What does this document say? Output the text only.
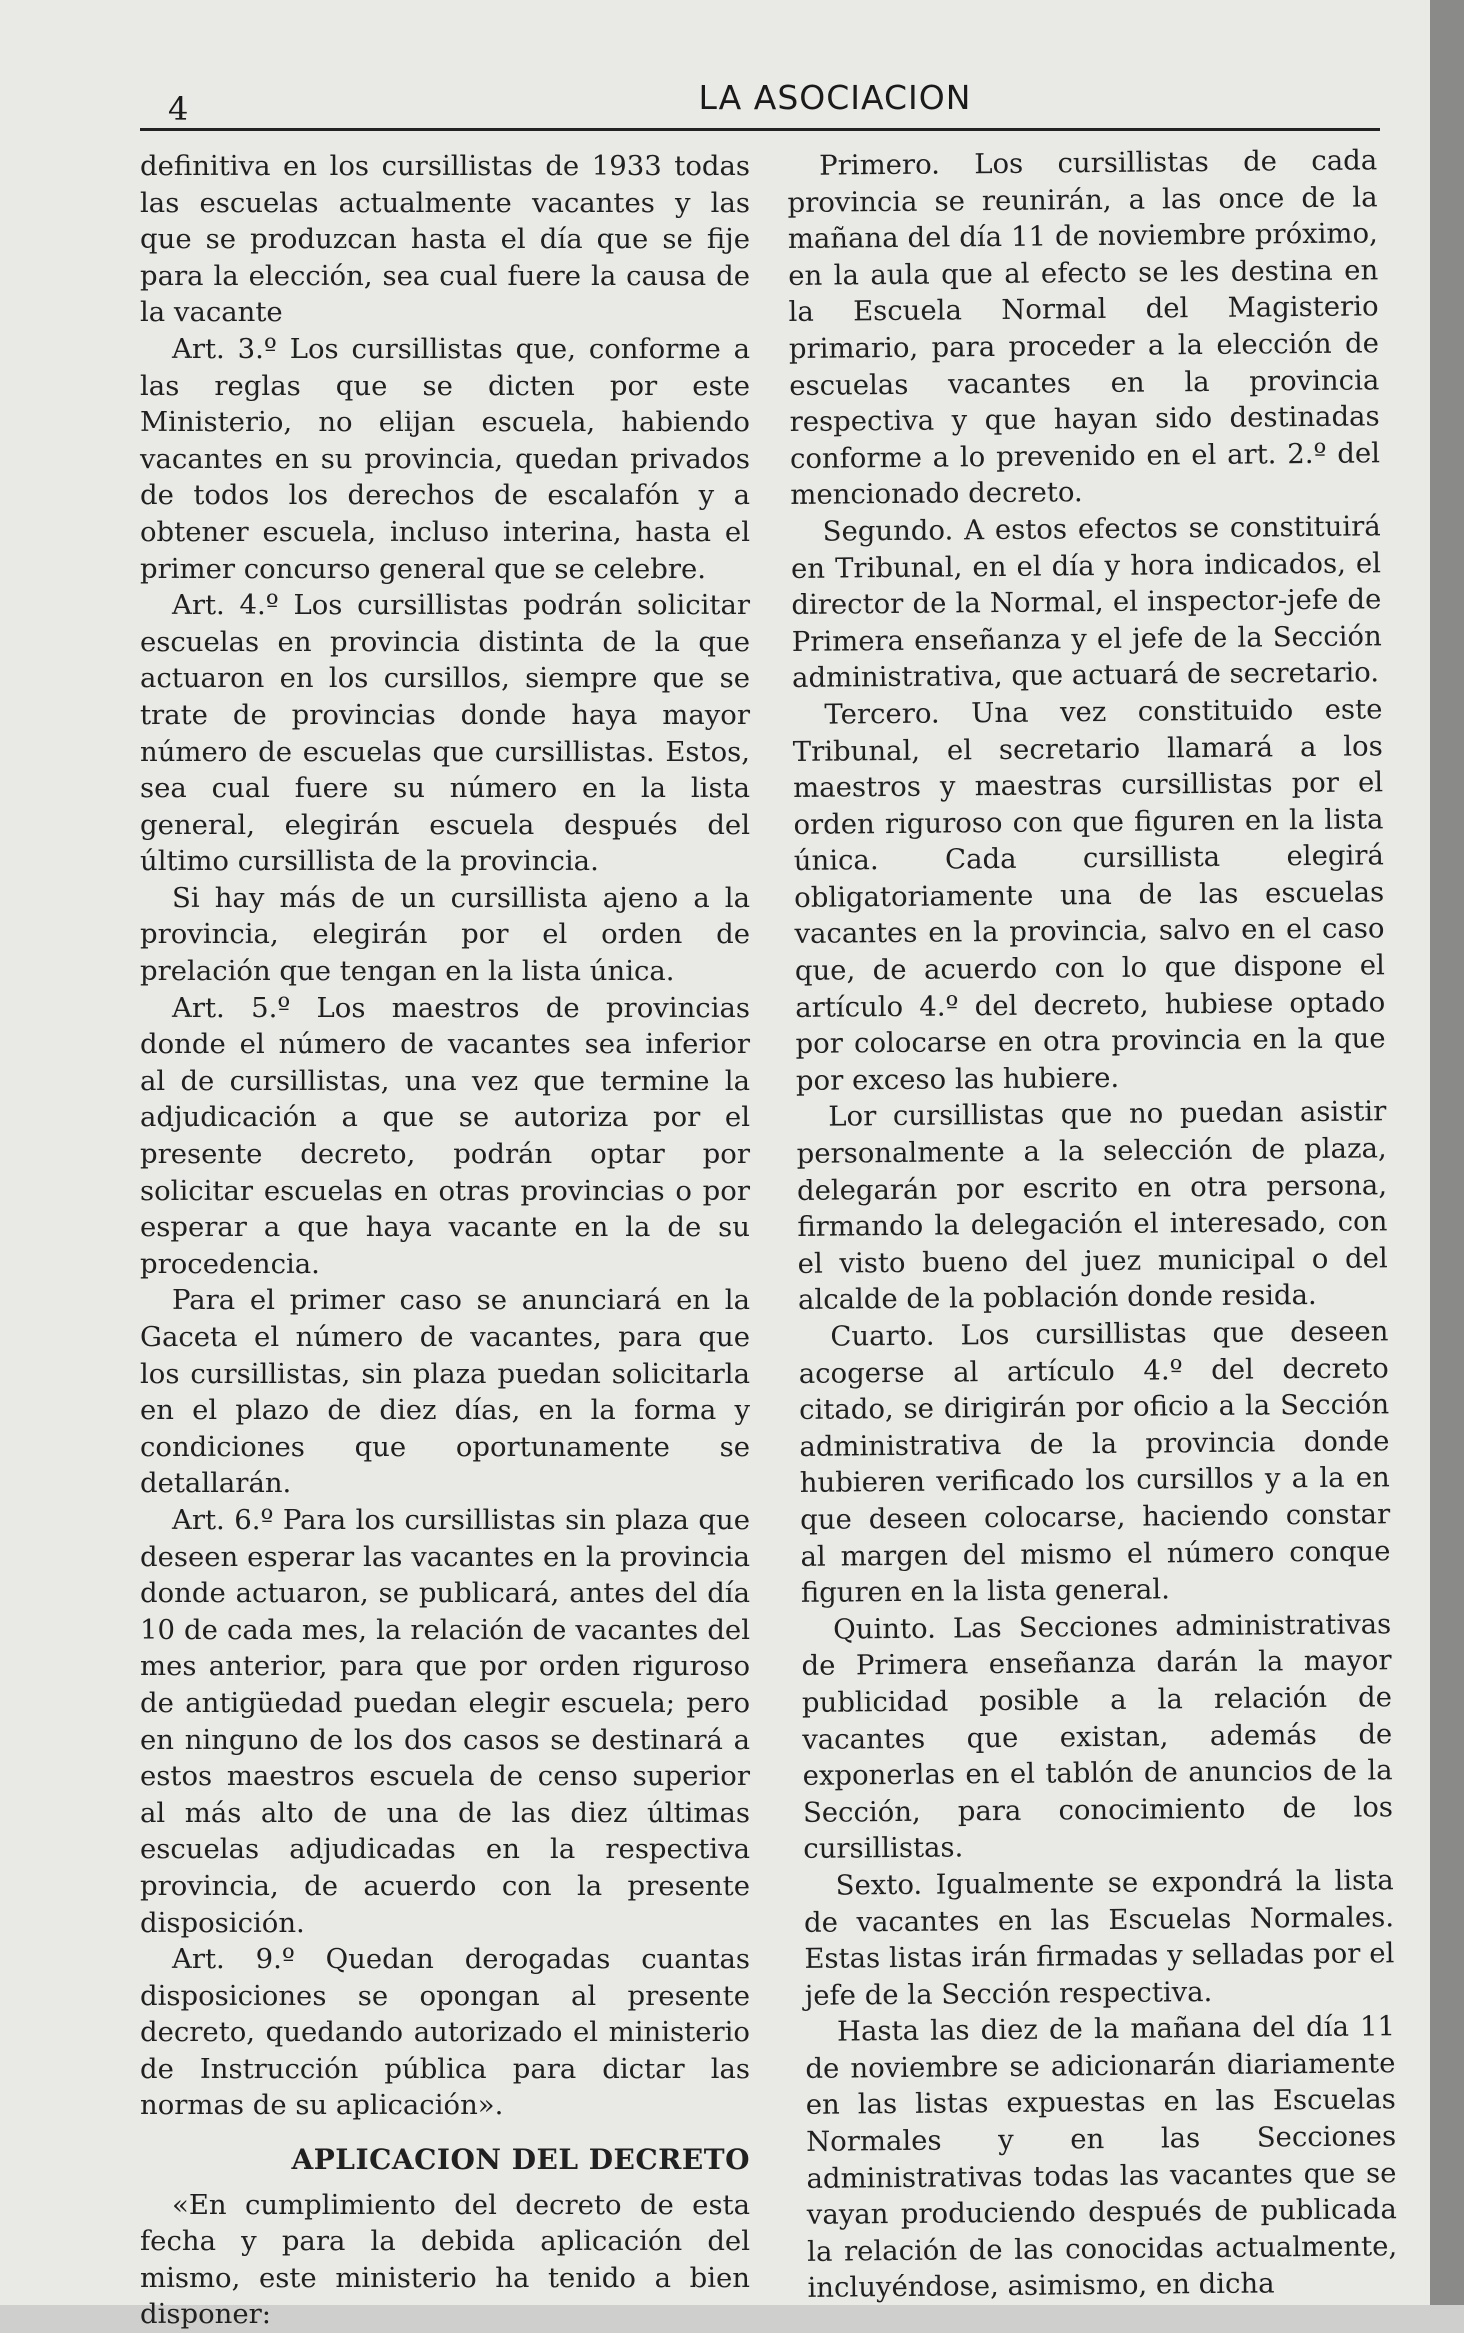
4	LA ASOCIACION

definitiva en los cursillistas de 1933 todas las escuelas actualmente vacantes y las que se produzcan hasta el día que se fije para la elección, sea cual fuere la causa de la vacante

Art. 3.º Los cursillistas que, conforme a las reglas que se dicten por este Ministerio, no elijan escuela, habiendo vacantes en su provincia, quedan privados de todos los derechos de escalafón y a obtener escuela, incluso interina, hasta el primer concurso general que se celebre.

Art. 4.º Los cursillistas podrán solicitar escuelas en provincia distinta de la que actuaron en los cursillos, siempre que se trate de provincias donde haya mayor número de escuelas que cursillistas. Estos, sea cual fuere su número en la lista general, elegirán escuela después del último cursillista de la provincia.

Si hay más de un cursillista ajeno a la provincia, elegirán por el orden de prelación que tengan en la lista única.

Art. 5.º Los maestros de provincias donde el número de vacantes sea inferior al de cursillistas, una vez que termine la adjudicación a que se autoriza por el presente decreto, podrán optar por solicitar escuelas en otras provincias o por esperar a que haya vacante en la de su procedencia.

Para el primer caso se anunciará en la Gaceta el número de vacantes, para que los cursillistas, sin plaza puedan solicitarla en el plazo de diez días, en la forma y condiciones que oportunamente se detallarán.

Art. 6.º Para los cursillistas sin plaza que deseen esperar las vacantes en la provincia donde actuaron, se publicará, antes del día 10 de cada mes, la relación de vacantes del mes anterior, para que por orden riguroso de antigüedad puedan elegir escuela; pero en ninguno de los dos casos se destinará a estos maestros escuela de censo superior al más alto de una de las diez últimas escuelas adjudicadas en la respectiva provincia, de acuerdo con la presente disposición.

Art. 9.º Quedan derogadas cuantas disposiciones se opongan al presente decreto, quedando autorizado el ministerio de Instrucción pública para dictar las normas de su aplicación».

APLICACION DEL DECRETO

«En cumplimiento del decreto de esta fecha y para la debida aplicación del mismo, este ministerio ha tenido a bien disponer:

Primero. Los cursillistas de cada provincia se reunirán, a las once de la mañana del día 11 de noviembre próximo, en la aula que al efecto se les destina en la Escuela Normal del Magisterio primario, para proceder a la elección de escuelas vacantes en la provincia respectiva y que hayan sido destinadas conforme a lo prevenido en el art. 2.º del mencionado decreto.

Segundo. A estos efectos se constituirá en Tribunal, en el día y hora indicados, el director de la Normal, el inspector-jefe de Primera enseñanza y el jefe de la Sección administrativa, que actuará de secretario.

Tercero. Una vez constituido este Tribunal, el secretario llamará a los maestros y maestras cursillistas por el orden riguroso con que figuren en la lista única. Cada cursillista elegirá obligatoriamente una de las escuelas vacantes en la provincia, salvo en el caso que, de acuerdo con lo que dispone el artículo 4.º del decreto, hubiese optado por colocarse en otra provincia en la que por exceso las hubiere.

Lor cursillistas que no puedan asistir personalmente a la selección de plaza, delegarán por escrito en otra persona, firmando la delegación el interesado, con el visto bueno del juez municipal o del alcalde de la población donde resida.

Cuarto. Los cursillistas que deseen acogerse al artículo 4.º del decreto citado, se dirigirán por oficio a la Sección administrativa de la provincia donde hubieren verificado los cursillos y a la en que deseen colocarse, haciendo constar al margen del mismo el número conque figuren en la lista general.

Quinto. Las Secciones administrativas de Primera enseñanza darán la mayor publicidad posible a la relación de vacantes que existan, además de exponerlas en el tablón de anuncios de la Sección, para conocimiento de los cursillistas.

Sexto. Igualmente se expondrá la lista de vacantes en las Escuelas Normales. Estas listas irán firmadas y selladas por el jefe de la Sección respectiva.

Hasta las diez de la mañana del día 11 de noviembre se adicionarán diariamente en las listas expuestas en las Escuelas Normales y en las Secciones administrativas todas las vacantes que se vayan produciendo después de publicada la relación de las conocidas actualmente, incluyéndose, asimismo, en dicha
